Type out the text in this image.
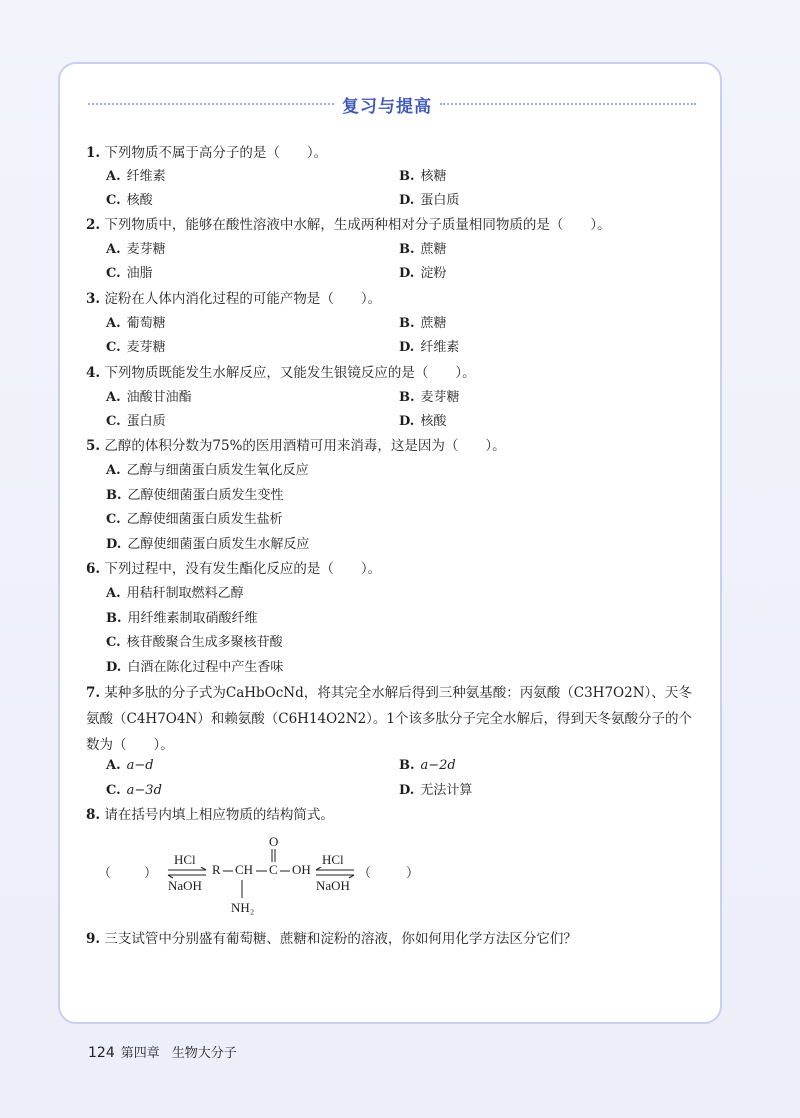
复习与提高
1. 下列物质不属于高分子的是（　　）。
A. 纤维素	B. 核糖
C. 核酸	D. 蛋白质
2. 下列物质中，能够在酸性溶液中水解，生成两种相对分子质量相同物质的是（　　）。
A. 麦芽糖	B. 蔗糖
C. 油脂	D. 淀粉
3. 淀粉在人体内消化过程的可能产物是（　　）。
A. 葡萄糖	B. 蔗糖
C. 麦芽糖	D. 纤维素
4. 下列物质既能发生水解反应，又能发生银镜反应的是（　　）。
A. 油酸甘油酯	B. 麦芽糖
C. 蛋白质	D. 核酸
5. 乙醇的体积分数为75%的医用酒精可用来消毒，这是因为（　　）。
A. 乙醇与细菌蛋白质发生氧化反应
B. 乙醇使细菌蛋白质发生变性
C. 乙醇使细菌蛋白质发生盐析
D. 乙醇使细菌蛋白质发生水解反应
6. 下列过程中，没有发生酯化反应的是（　　）。
A. 用秸秆制取燃料乙醇
B. 用纤维素制取硝酸纤维
C. 核苷酸聚合生成多聚核苷酸
D. 白酒在陈化过程中产生香味
7. 某种多肽的分子式为CaHbOcNd，将其完全水解后得到三种氨基酸：丙氨酸（C3H7O2N）、天冬氨酸（C4H7O4N）和赖氨酸（C6H14O2N2）。1个该多肽分子完全水解后，得到天冬氨酸分子的个数为（　　）。
A. a−d	B. a−2d
C. a−3d	D. 无法计算
8. 请在括号内填上相应物质的结构简式。
（	）
HCl
NaOH
R CH C
O
OH
NH₂
HCl
NaOH
（	）
9. 三支试管中分别盛有葡萄糖、蔗糖和淀粉的溶液，你如何用化学方法区分它们？
124 第四章 生物大分子
